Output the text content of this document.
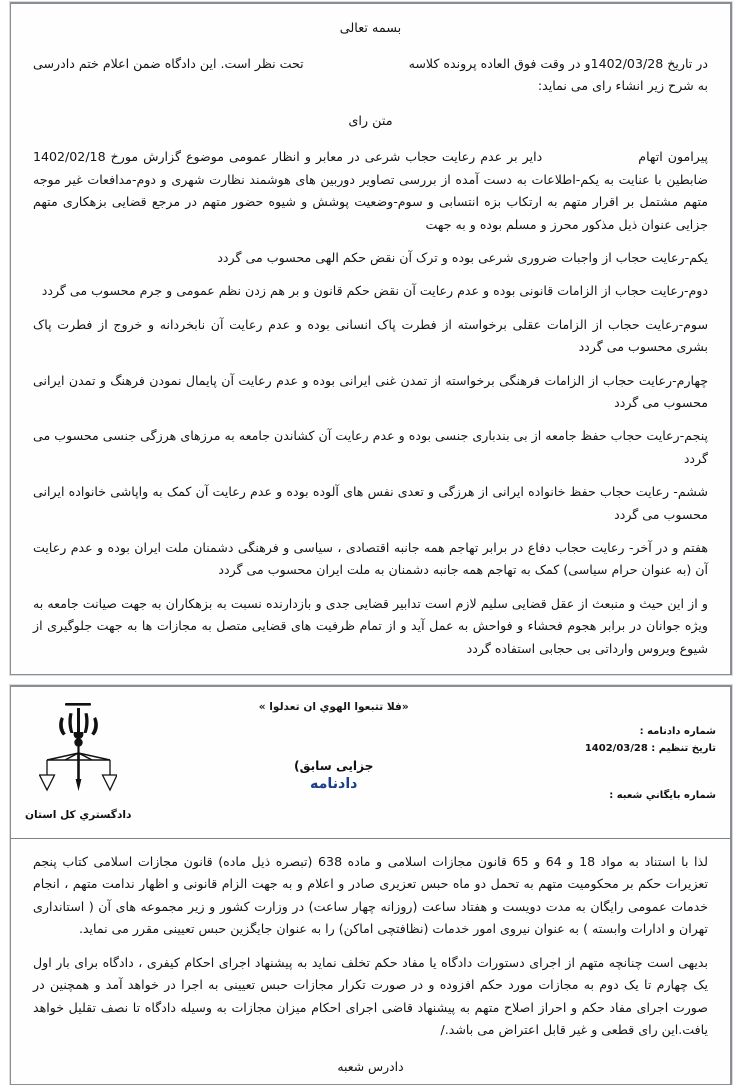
بسمه تعالی

در تاریخ 1402/03/28و در وقت فوق العاده پرونده کلاسه
تحت نظر است. این دادگاه ضمن اعلام ختم دادرسی
به شرح زیر انشاء رای می نماید:

متن رای

پیرامون اتهام  دایر بر عدم رعایت حجاب شرعی در معابر و انظار عمومی موضوع گزارش مورخ 1402/02/18 ضابطین با عنایت به یکم-اطلاعات به دست آمده از بررسی تصاویر دوربین های هوشمند نظارت شهری و دوم-مدافعات غیر موجه متهم مشتمل بر اقرار متهم به ارتکاب بزه انتسابی و سوم-وضعیت پوشش و شیوه حضور متهم در مرجع قضایی بزهکاری متهم جزایی عنوان ذیل مذکور محرز و مسلم بوده و به جهت

یکم-رعایت حجاب از واجبات ضروری شرعی بوده و ترک آن نقض حکم الهی محسوب می گردد

دوم-رعایت حجاب از الزامات قانونی بوده و عدم رعایت آن نقض حکم قانون و بر هم زدن نظم عمومی و جرم محسوب می گردد

سوم-رعایت حجاب از الزامات عقلی برخواسته از فطرت پاک انسانی بوده و عدم رعایت آن نابخردانه و خروج از فطرت پاک بشری محسوب می گردد

چهارم-رعایت حجاب از الزامات فرهنگی برخواسته از تمدن غنی ایرانی بوده و عدم رعایت آن پایمال نمودن فرهنگ و تمدن ایرانی محسوب می گردد

پنجم-رعایت حجاب حفظ جامعه از بی بندباری جنسی بوده و عدم رعایت آن کشاندن جامعه به مرزهای هرزگی جنسی محسوب می گردد

ششم- رعایت حجاب حفظ خانواده ایرانی از هرزگی و تعدی نفس های آلوده بوده و عدم رعایت آن کمک به واپاشی خانواده ایرانی محسوب می گردد

هفتم و در آخر- رعایت حجاب دفاع در برابر تهاجم همه جانبه اقتصادی ، سیاسی و فرهنگی دشمنان ملت ایران بوده و عدم رعایت آن (به عنوان حرام سیاسی) کمک به تهاجم همه جانبه دشمنان به ملت ایران محسوب می گردد

و از این حیث و منبعث از عقل قضایی سلیم لازم است تدابیر قضایی جدی و بازدارنده نسبت به بزهکاران به جهت صیانت جامعه به ویژه جوانان در برابر هجوم فحشاء و فواحش به عمل آید و از تمام ظرفیت های قضایی متصل به مجازات ها به جهت جلوگیری از شیوع ویروس وارداتی بی حجابی استفاده گردد

دادگستري كل استان
«فلا تتبعوا الهوي ان تعدلوا »
جزایی سابق)
دادنامه
شماره دادنامه :
تاریخ تنظیم : 1402/03/28
شماره بایگاني شعبه :

لذا با استناد به مواد 18 و 64 و 65 قانون مجازات اسلامی و ماده 638 (تبصره ذیل ماده) قانون مجازات اسلامی کتاب پنجم تعزیرات حکم بر محکومیت متهم به تحمل دو ماه حبس تعزیری صادر و اعلام و به جهت الزام قانونی و اظهار ندامت متهم ، انجام خدمات عمومی رایگان به مدت دویست و هفتاد ساعت (روزانه چهار ساعت) در وزارت کشور و زیر مجموعه های آن ( استانداری تهران و ادارات وابسته ) به عنوان نیروی امور خدمات (نظافتچی اماکن) را به عنوان جایگزین حبس تعیینی مقرر می نماید.

بدیهی است چنانچه متهم از اجرای دستورات دادگاه یا مفاد حکم تخلف نماید به پیشنهاد اجرای احکام کیفری ، دادگاه برای بار اول یک چهارم تا یک دوم به مجازات مورد حکم افزوده و در صورت تکرار مجازات حبس تعیینی به اجرا در خواهد آمد و همچنین در صورت اجرای مفاد حکم و احراز اصلاح متهم به پیشنهاد قاضی اجرای احکام میزان مجازات به وسیله دادگاه تا نصف تقلیل خواهد یافت.این رای قطعی و غیر قابل اعتراض می باشد./

دادرس شعبه
